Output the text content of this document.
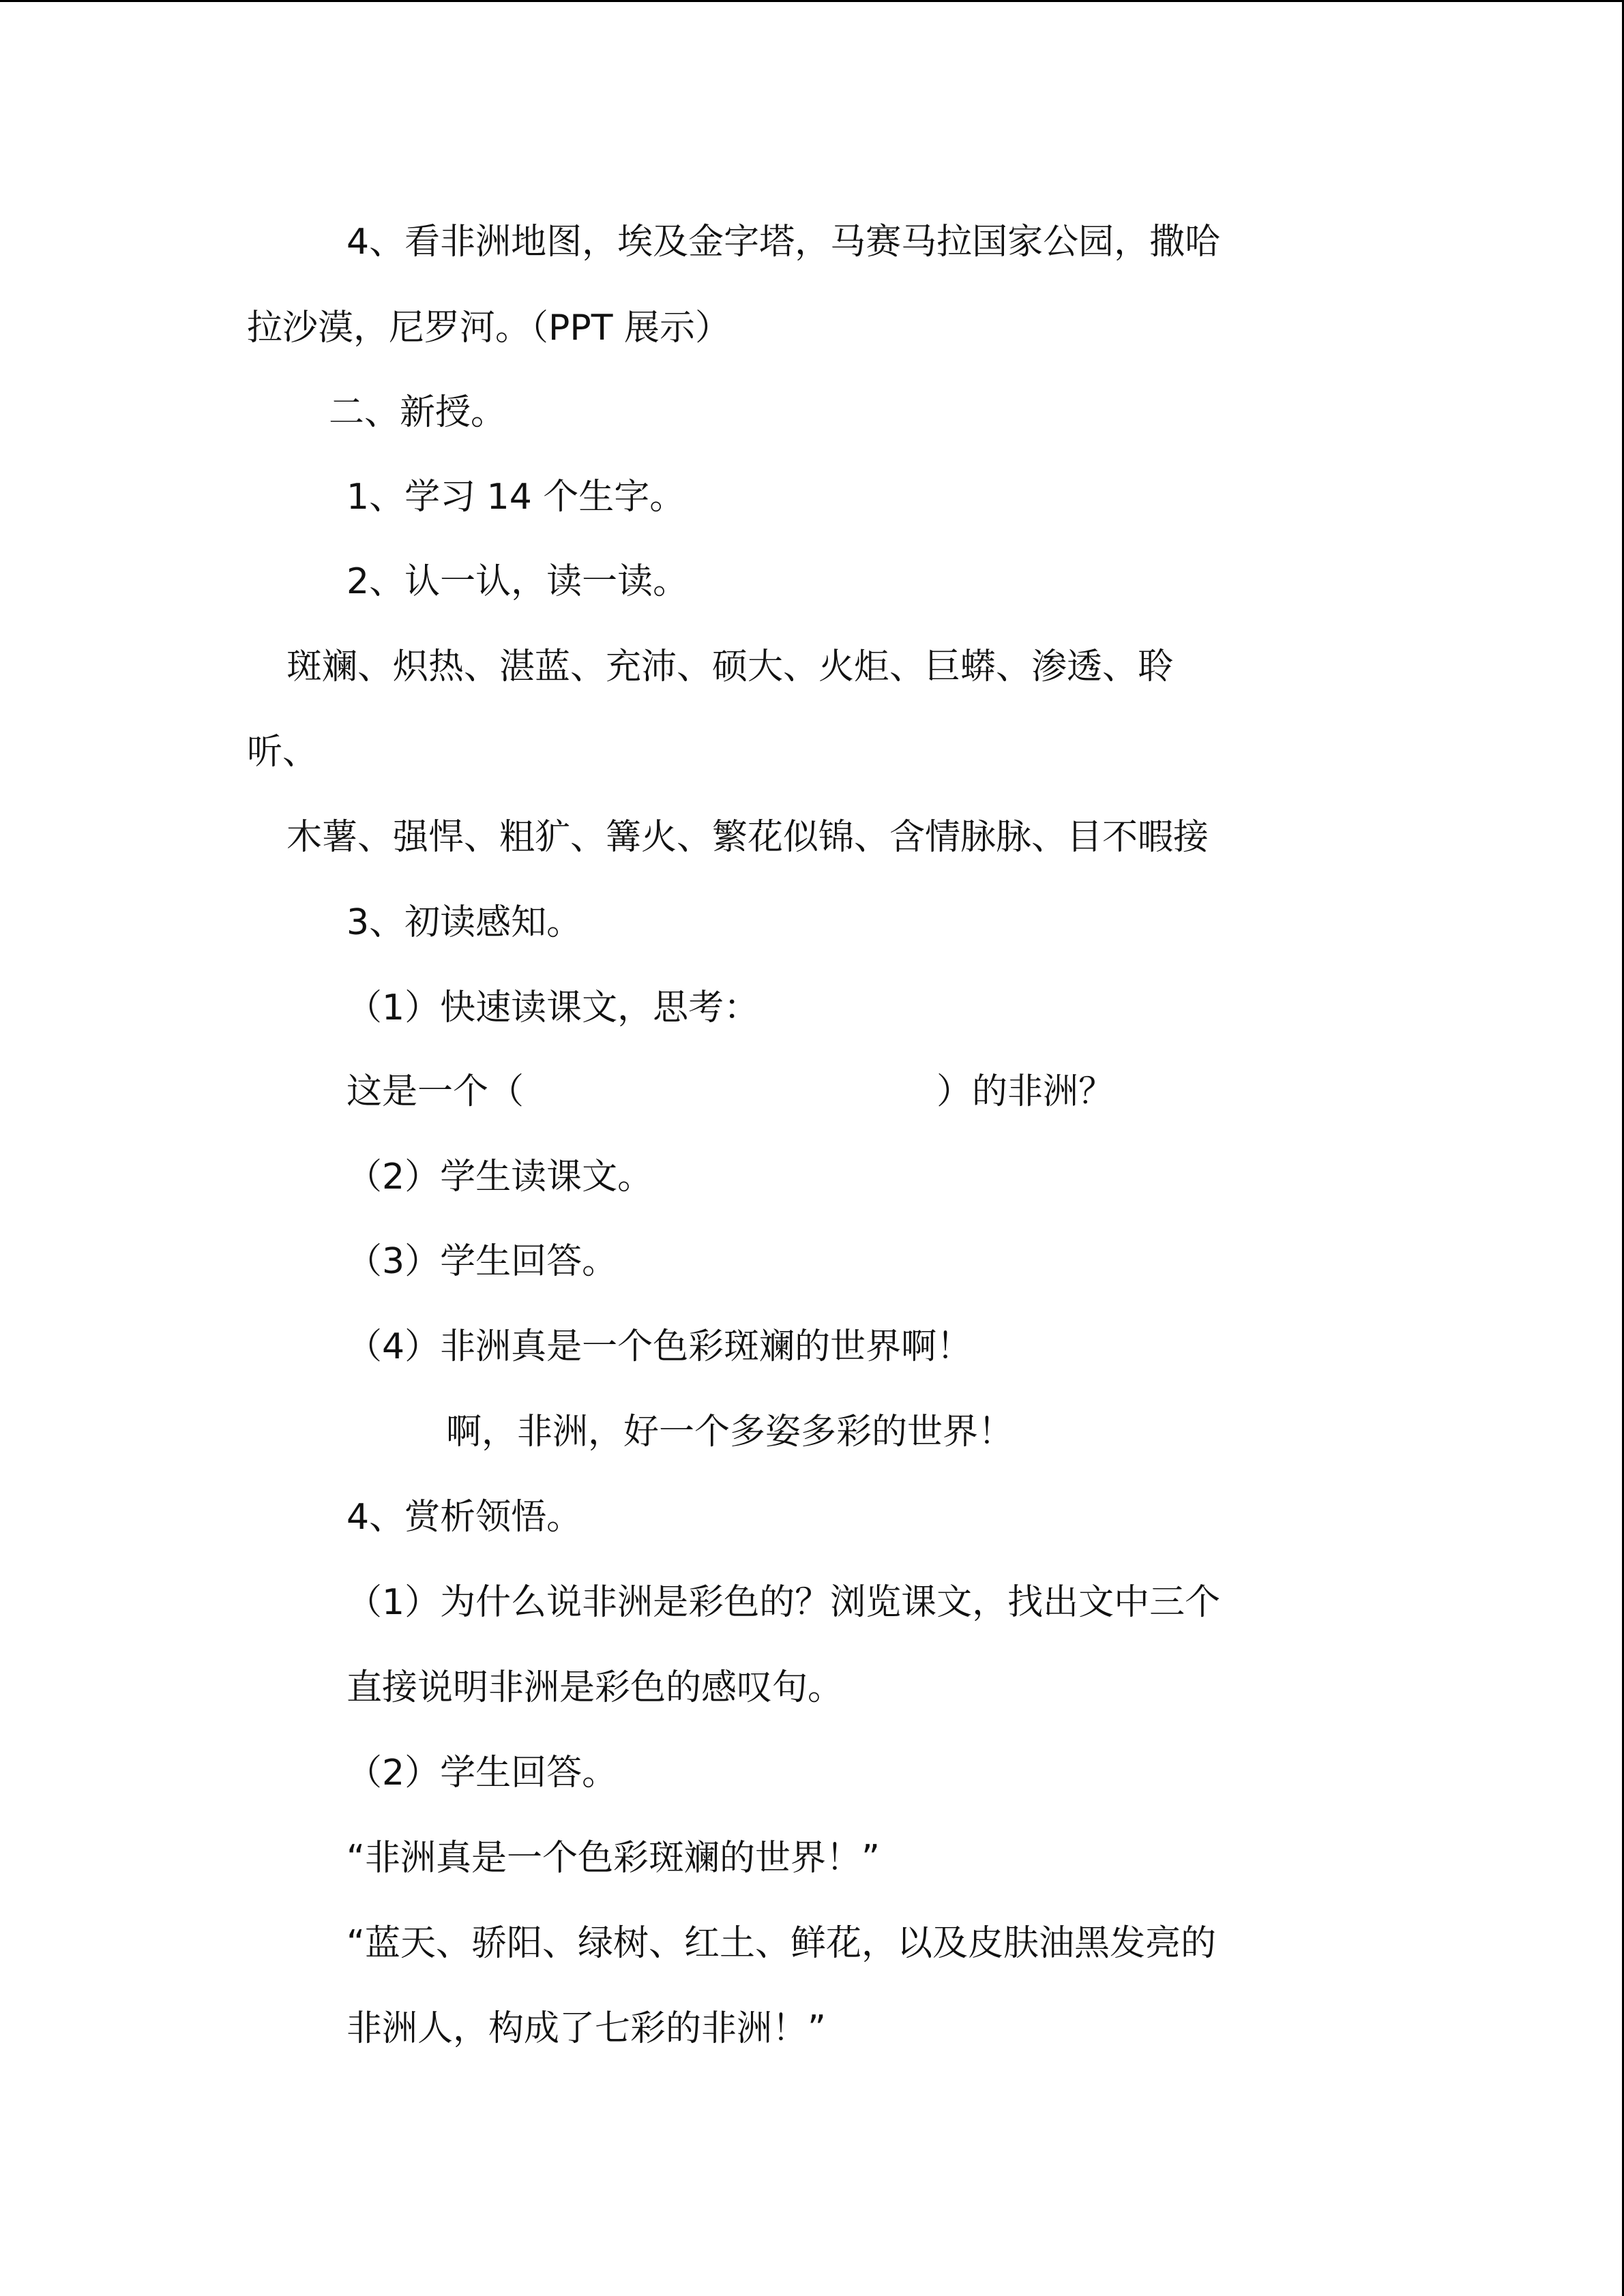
4、看非洲地图，埃及金字塔，马赛马拉国家公园，撒哈

拉沙漠，尼罗河。（PPT 展示）

二、新授。

1、学习 14 个生字。

2、认一认，读一读。

斑斓、炽热、湛蓝、充沛、硕大、火炬、巨蟒、渗透、聆

听、

木薯、强悍、粗犷、篝火、繁花似锦、含情脉脉、目不暇接

3、初读感知。

（1）快速读课文，思考：

这是一个（	）的非洲？

（2）学生读课文。

（3）学生回答。

（4）非洲真是一个色彩斑斓的世界啊！

啊，非洲，好一个多姿多彩的世界！

4、赏析领悟。

（1）为什么说非洲是彩色的？浏览课文，找出文中三个

直接说明非洲是彩色的感叹句。

（2）学生回答。

“非洲真是一个色彩斑斓的世界！”

“蓝天、骄阳、绿树、红土、鲜花，以及皮肤油黑发亮的

非洲人，构成了七彩的非洲！”
